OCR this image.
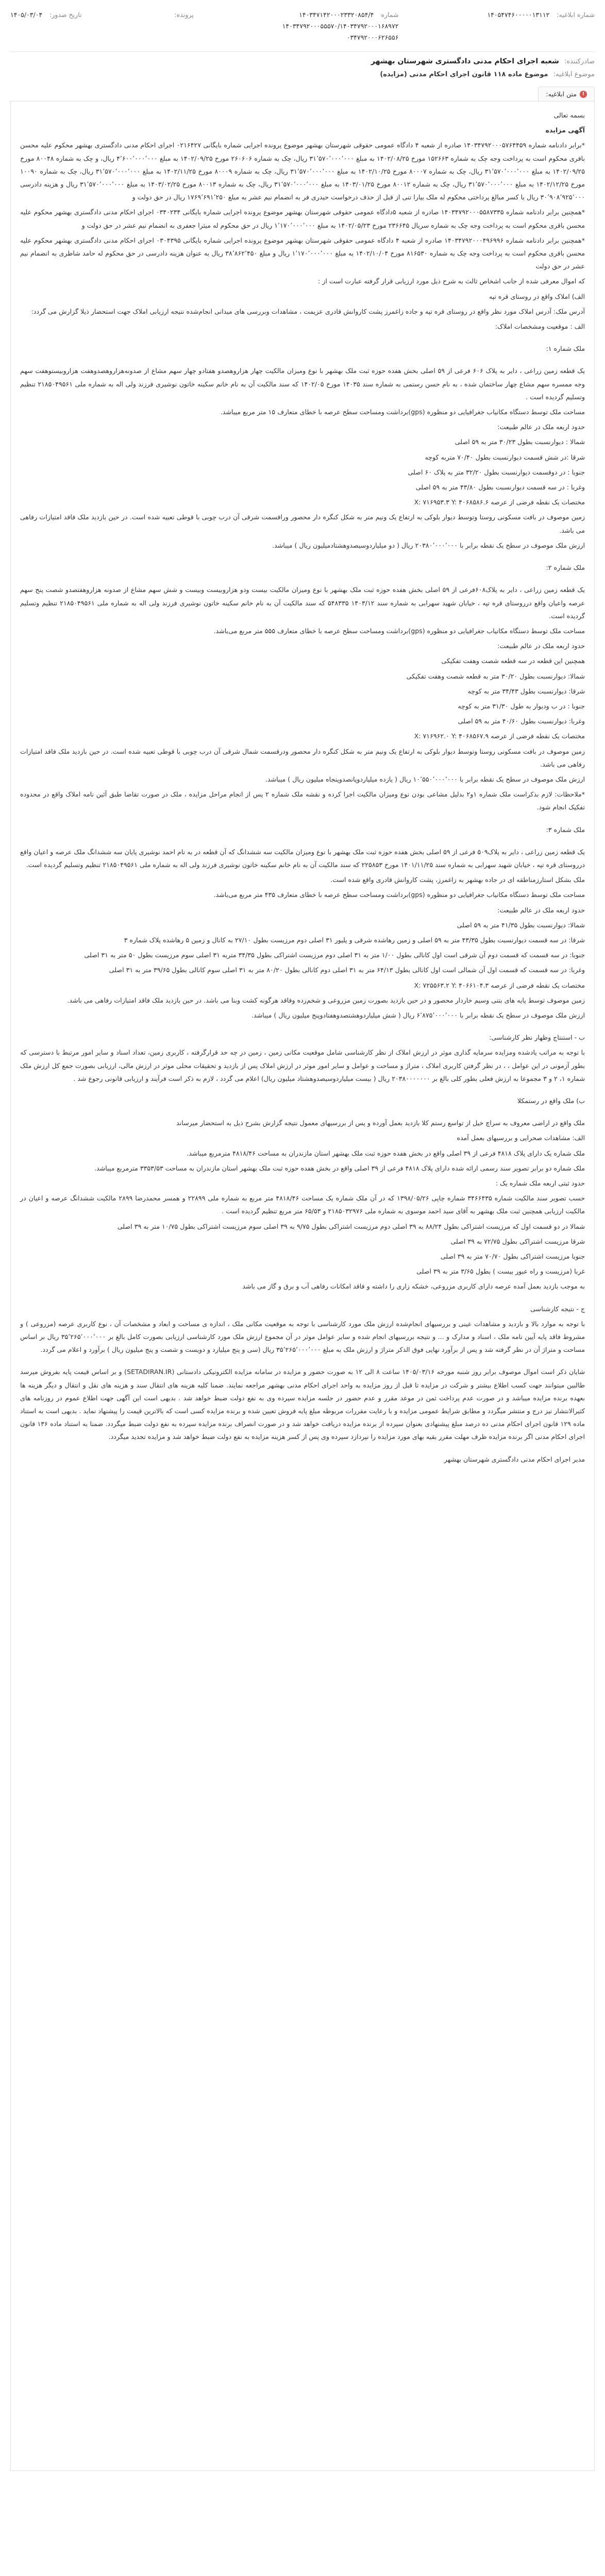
شماره ابلاغیه:
۱۴۰۵۴۷۴۶۰۰۰۰۰۱۳۱۱۲
شماره
۱۴۰۳۴۷۱۴۲۰۰۰۲۳۳۲۰۸۵۴/۴
۱۴۰۳۴۷۹۲۰۰۰۵۵۵۷۰/۱۴۰۳۴۷۹۲۰۰۰۱۶۸۹۷۲
۰۳۴۷۹۲۰۰۰۶۲۶۵۵۶
پرونده:
تاریخ صدور:
۱۴۰۵/۰۳/۰۴
صادرکننده:
شعبه اجرای احکام مدنی دادگستری شهرستان بهشهر
موضوع ابلاغیه:
موضوع ماده ۱۱۸ قانون اجرای احکام مدنی (مزایده)
!
متن ابلاغیه:

بسمه تعالی

آگهی مزایده

*برابر دادنامه شماره ۱۴۰۳۴۷۹۲۰۰۰۵۷۶۴۴۵۹ صادره از شعبه ۴ دادگاه عمومی حقوقی شهرستان بهشهر موضوع پرونده اجرایی شماره بایگانی ۰۲۱۶۴۲۷ اجرای احکام مدنی دادگستری بهشهر محکوم علیه محسن باقری محکوم است به پرداخت وجه چک به شماره ۱۵۲۶۶۳ مورخ ۱۴۰۲/۰۸/۲۵ به مبلغ ۳۱٬۵۷۰٬۰۰۰٬۰۰۰ ریال، چک به شماره ۲۶۰۶۰۶ مورخ ۱۴۰۲/۰۹/۲۵ به مبلغ ۴٬۶۰۰٬۰۰۰٬۰۰۰ ریال، و چک به شماره ۸۰۰۴۸ مورخ ۱۴۰۲/۰۹/۲۵ به مبلغ ۳۱٬۵۷۰٬۰۰۰٬۰۰۰ ریال، چک به شماره ۸۰۰۰۷ مورخ ۱۴۰۲/۱۰/۲۵ به مبلغ ۳۱٬۵۷۰٬۰۰۰٬۰۰۰ ریال، چک به شماره ۸۰۰۰۹ مورخ ۱۴۰۲/۱۱/۲۵ به مبلغ ۳۱٬۵۷۰٬۰۰۰٬۰۰۰ ریال، چک به شماره ۱۰۰۹۰ مورخ ۱۴۰۲/۱۲/۲۵ به مبلغ ۳۱٬۵۷۰٬۰۰۰٬۰۰۰ ریال، چک به شماره ۸۰۰۱۲ مورخ ۱۴۰۳/۰۱/۲۵ به مبلغ ۳۱٬۵۷۰٬۰۰۰٬۰۰۰ ریال، چک به شماره ۸۰۰۱۳ مورخ ۱۴۰۳/۰۲/۲۵ به مبلغ ۳۱٬۵۷۰٬۰۰۰٬۰۰۰ ریال و هزینه دادرسی ۳۰٬۹۰۸٬۹۲۵٬۰۰۰ ریال با کسر مبالغ پرداختی محکوم له ملک بیارا تنی از قبل از حذف درخواست حیدری فر به انضمام نیم عشر به مبلغ ۱۷۶۹٬۶۹۱٬۲۵۰ ریال در حق دولت و

*همچنین برابر دادنامه شماره ۱۴۰۳۴۷۹۲۰۰۰۵۵۸۷۳۳۵ صادره از شعبه ۵دادگاه عمومی حقوقی شهرستان بهشهر موضوع پرونده اجرایی شماره بایگانی ۰۳۴۰۲۳۴ اجرای احکام مدنی دادگستری بهشهر محکوم علیه محسن باقری محکوم است به پرداخت وجه چک به شماره سریال ۲۳۶۶۴۵ مورخ ۱۴۰۲/۰۵/۲۳ به مبلغ ۱٬۱۷۰٬۰۰۰٬۰۰۰ ریال در حق محکوم له میثرا جعفری به انضمام نیم عشر در حق دولت و

*همچنین برابر دادنامه شماره ۱۴۰۳۴۷۹۲۰۰۰۴۹۶۹۹۶ صادره از شعبه ۴ دادگاه عمومی حقوقی شهرستان بهشهر موضوع پرونده اجرایی شماره بایگانی ۰۳۰۴۳۹۵ اجرای احکام مدنی دادگستری بهشهر محکوم علیه محسن باقری محکوم است به پرداخت وجه چک به شماره ۸۱۶۵۳۰ مورخ ۱۴۰۲/۱۰/۰۴ به مبلغ ۱٬۱۷۰٬۰۰۰٬۰۰۰ ریال و مبلغ ۳۸٬۸۶۲٬۴۵۰ ریال به عنوان هزینه دادرسی در حق محکوم له حامد شاطری به انضمام نیم عشر در حق دولت

که اموال معرفی شده از جانب اشخاص ثالث به شرح ذیل مورد ارزیابی قرار گرفته عبارت است از :

الف) املاک واقع در روستای قره تپه

آدرس ملک: آدرس املاک مورد نظر واقع در روستای قره تپه و جاده زاغمرز پشت کاروانش قادری عزیمت ، مشاهدات وبررسی های میدانی انجام‌شده نتیجه ارزیابی املاک جهت استحضار ذیلا گزارش می گردد:

الف : موقعیت ومشخصات املاک:

ملک شماره ۱:

یک قطعه زمین زراعی ، دایر به پلاک ۶۰۶ فرعی از ۵۹ اصلی بخش هفده حوزه ثبت ملک بهشهر با نوع ومیزان مالکیت چهار هزاروهصدو هفتادو چهار سهم مشاع از صدونه‌هزاروهصدوهفت هزاروبیستوهفت سهم وجه ممسره سهم مشاع چهار ساختمان شده ، به نام حسن رستمی به شماره سند ۱۴۰۳۵ مورخ ۱۴۰۲/۰۵ که سند مالکیت آن به نام خانم سکینه خاتون نوشیری فرزند ولی اله به شماره ملی ۲۱۸۵۰۴۹۵۶۱ تنظیم وتسلیم گردیده است .

مساحت ملک توسط دستگاه مکانیاب جغرافیایی دو منظوره (gps)برداشت ومساحت سطح عرصه با خطای متعارف ۱۵ متر مربع میباشد.

حدود اربعه ملک در عالم طبیعت:

شمالا : دیوارنسبت بطول ۳۰/۲۳ متر به ۵۹ اصلی

شرقا :در شش قسمت دیوارنسبت بطول ۷۰/۴۰ متربه کوچه

جنوبا : در دوقسمت دیوارنسبت بطول ۳۲/۲۰ متر به پلاک ۶۰ اصلی

وغربا : در سه قسمت دیوارنسبت بطول ۴۳/۸۰ متر به ۵۹ اصلی

مختصات یک نقطه فرضی از عرصه X: ۷۱۶۹۵۳.۳ Y: ۴۰۶۸۵۸۶.۶

زمین موصوف در بافت مسکونی روستا وتوسط دیوار بلوکی به ارتفاع یک ونیم متر به شکل کنگره دار محصور وراقسمت شرقی آن درب چوبی با قوطی تعبیه شده است. در حین بازدید ملک فاقد امتیازات رفاهی می باشد.

ارزش ملک موصوف در سطح یک نقطه برابر با ۲۰۳۸۰٬۰۰۰٬۰۰۰ ریال ( دو میلیاردوسیصدوهشتادمیلیون ریال ) میباشد.

ملک شماره ۲:

یک قطعه زمین زراعی ، دایر به پلاک۶۰۸فرعی از ۵۹ اصلی بخش هفده حوزه ثبت ملک بهشهر با نوع ومیزان مالکیت بیست ودو هزاروبیست وبیست و شش سهم مشاع از صدونه هزاروهفتصدو شصت پنج سهم عرصه واعیان واقع درروستای قره تپه ، خیابان شهید سهرابی به شماره سند ۱۴۰۳/۱۲ ۵۴۸۳۳۵ که سند مالکیت آن به نام خانم سکینه خاتون نوشیری فرزند ولی اله به شماره ملی ۲۱۸۵۰۴۹۵۶۱ تنظیم وتسلیم گردیده است.

مساحت ملک توسط دستگاه مکانیاب جغرافیایی دو منظوره (gps)برداشت ومساحت سطح عرصه با خطای متعارف ۵۵۵ متر مربع می‌باشد.

حدود اربعه ملک در عالم طبیعت:

همچنین این قطعه در سه قطعه شصت وهفت تفکیکی

شمالا: دیوارنسبت بطول ۳۰/۲۰ متر به قطعه شصت وهفت تفکیکی

شرقا: دیوارنسبت بطول ۳۴/۴۳ متر به کوچه

جنوبا : در ب ودیوار به طول ۳۱/۳۰ متر به کوچه

وغربا: دیوارنسبت بطول ۴۰/۶۰ متر به ۵۹ اصلی

مختصات یک نقطه فرضی از عرصه X: ۷۱۶۹۶۲.۰ Y: ۴۰۶۸۵۶۷.۹

زمین موصوف در بافت مسکونی روستا وتوسط دیوار بلوکی به ارتفاع یک ونیم متر به شکل کنگره دار محصور ودرقسمت شمال شرقی آن درب چوبی با قوطی تعبیه شده است. در حین بازدید ملک فاقد امتیازات رفاهی می باشد.

ارزش ملک موصوف در سطح یک نقطه برابر با ۱۰٬۵۵۰٬۰۰۰٬۰۰۰ ریال ( یازده میلیاردوپانصدوپنجاه میلیون ریال ) میباشد.

*ملاحظات: لازم بذکراست ملک شماره ۱و۲ بدلیل مشاعی بودن نوع ومیزان مالکیت اجرا کرده و نقشه ملک شماره ۲ پس از انجام مراحل مزایده ، ملک در صورت تقاضا طبق آئین نامه املاک واقع در محدوده تفکیک انجام شود.

ملک شماره ۳:

یک قطعه زمین زراعی ، دایر به پلاک۵۰۹ فرعی از ۵۹ اصلی بخش هفده حوزه ثبت ملک بهشهر با نوع ومیزان مالکیت سه ششدانگ که آن قطعه در به نام احمد نوشیری پایان سه ششدانگ ملک عرصه و اعیان واقع درروستای قره تپه ، خیابان شهید سهرابی به شماره سند ۱۴۰۱/۱۱/۲۵ مورخ ۲۲۵۸۵۳ که سند مالکیت آن به نام خانم سکینه خاتون نوشیری فرزند ولی اله به شماره ملی ۲۱۸۵۰۴۹۵۶۱ تنظیم وتسلیم گردیده است.

ملک بشکل استارزمناطقه ای در جاده بهشهر به زاغمرز، پشت کاروانش قادری واقع شده است.

مساحت ملک توسط دستگاه مکانیاب جغرافیایی دو منظوره (gps)برداشت ومساحت سطح عرصه با خطای متعارف ۴۳۵ متر مربع می‌باشد.

حدود اربعه ملک در عالم طبیعت:

شمالا: دیوارنسبت بطول ۴۱/۳۵ متر به ۵۹ اصلی

شرقا: در سه قسمت دیوارنسبت بطول ۴۳/۳۵ متر به ۵۹ اصلی و زمین رهاشده شرقی و پلیور ۳۱ اصلی دوم مرزیست بطول ۲۷/۱۰ به کانال و زمین ۵ رهاشده پلاک شماره ۳

جنوبا: در سه قسمت که قسمت دوم آن شرقی است اول کانالی بطول ۱/۰۰ متر به ۳۱ اصلی دوم مرزیست اشتراکی بطول ۳۴/۳۵ متربه ۳۱ اصلی سوم مرزیست بطول ۵۰ متر به ۳۱ اصلی

وغربا: در سه قسمت که قسمت اول آن شمالی است اول کانالی بطول ۶۴/۱۳ متر به ۳۱ اصلی دوم کانالی بطول ۸۰/۲۰ متر به ۳۱ اصلی سوم کانالی بطول ۳۹/۶۵ متر به ۳۱ اصلی

مختصات یک نقطه فرضی از عرصه X: ۷۲۵۵۶۳.۲ Y: ۴۰۶۶۱۰۴.۳

زمین موصوف توسط پایه های بتنی وسیم خاردار محصور و در حین بازدید بصورت زمین مزروعی و شخم‌زده وفاقد هرگونه کشت وبنا می باشد. در حین بازدید ملک فاقد امتیازات رفاهی می باشد.

ارزش ملک موصوف در سطح یک نقطه برابر با ۶٬۸۷۵٬۰۰۰٬۰۰۰ ریال ( شش میلیاردوهشتصدوهفتادوپنج میلیون ریال ) میباشد.

ب - استنتاج وظهار نظر کارشناسی:

با توجه به مراتب یادشده ومزایده سرمایه گذاری موثر در ارزش املاک از نظر کارشناسی شامل موقعیت مکانی زمین ، زمین در چه حد قرارگرفته ، کاربری زمین، تعداد اسناد و سایر امور مرتبط با دسترسی که بطور آزمونی در این عوامل ، ، در نظر گرفتن کاربری املاک ، متراژ و مساحت و عوامل و سایر امور موثر در ارزش املاک پس از بازدید و تحقیقات محلی موثر در ارزش مالی، ارزیابی بصورت جمع کل ارزش ملک شماره ۱، ۲ و ۳ مجموعا به ارزش فعلی بطور کلی بالغ بر ۲۰۳۸۰۰۰۰۰۰۰ ریال ( بیست میلیاردوسیصدوهشتاد میلیون ریال) اعلام می گردد ، لازم به ذکر است فرآیند و ارزیابی قانونی رجوع شد .

ب) ملک واقع در رستمکلا

ملک واقع در اراضی معروف به سراچ خیل از تواسع رستم کلا بازدید بعمل آورده و پس از بررسیهای معمول نتیجه گزارش بشرح ذیل به استحضار میرساند

الف: مشاهدات صحرایی و بررسیهای بعمل آمده

ملک شماره یک دارای پلاک ۴۸۱۸ فرعی از ۳۹ اصلی واقع در بخش هفده حوزه ثبت ملک بهشهر استان مازندران به مساحت ۴۸۱۸/۴۶ مترمربع میباشد.

ملک شماره دو برابر تصویر سند رسمی ارائه شده دارای پلاک ۴۸۱۸ فرعی از ۳۹ اصلی واقع در بخش هفده حوزه ثبت ملک بهشهر استان مازندران به مساحت ۳۳۵۳/۵۳ مترمربع میباشد.

حدود ثبتی اربعه ملک شماره یک :

حسب تصویر سند مالکیت شماره ۳۴۶۶۴۳۵ شماره چاپی ۱۳۹۸/۰۵/۲۶ که در آن ملک شماره یک مساحت ۴۸۱۸/۴۶ متر مربع به شماره ملی ۲۲۸۹۹ و همسر محمدرضا ۲۸۹۹ مالکیت ششدانگ عرصه و اعیان در مالکیت ارزیابی همچنین ثبت ملک بهشهر به آقای سید احمد موسوی به شماره ملی ۲۱۸۵۰۳۲۹۷۶ و ۶۵/۵۳ متر مربع تنظیم گردیده است .

شمالا در دو قسمت اول که مرزیست اشتراکی بطول ۸۸/۲۴ به ۳۹ اصلی دوم مرزیست اشتراکی بطول ۹/۷۵ به ۳۹ اصلی سوم مرزیست اشتراکی بطول ۱۰/۷۵ متر به ۳۹ اصلی

شرقا مرزیست اشتراکی بطول ۷۲/۷۵ به ۳۹ اصلی

جنوبا مرزیست اشتراکی بطول ۷۰/۷۰ متر به ۳۹ اصلی

غربا (مرزیست و راه عبور بیست ) بطول ۳/۶۵ متر به ۳۹ اصلی

به موجب بازدید بعمل آمده عرصه دارای کاربری مزروعی، خشکه زاری را داشته و فاقد امکانات رفاهی آب و برق و گاز می باشد

ج - نتیجه کارشناسی

با توجه به موارد بالا و بازدید و مشاهدات عینی و بررسیهای انجام‌شده ارزش ملک مورد کارشناسی با توجه به موقعیت مکانی ملک ، اندازه ی مساحت و ابعاد و مشخصات آن ، نوع کاربری عرصه (مزروعی ) و مشروط فاقد پایه آیین نامه ملک ، اسناد و مدارک و ... و نتیجه بررسیهای انجام شده و سایر عوامل موثر در آن مجموع ارزش ملک مورد کارشناسی ارزیابی بصورت کامل بالغ بر ۳۵٬۲۶۵٬۰۰۰٬۰۰۰ ریال بر اساس مساحت و متراژ آن در نظر گرفته شد و پس از برآورد نهایی فوق الذکر متراژ و ارزش ملک به مبلغ ۳۵٬۲۶۵٬۰۰۰٬۰۰۰ ریال (سی و پنج میلیارد و دویست و شصت و پنج میلیون ریال ) برآورد و اعلام می گردد.

شایان ذکر است اموال موصوف برابر روز شنبه مورخه ۱۴۰۵/۰۳/۱۶ ساعت ۸ الی ۱۲ به صورت حضور و مزایده در سامانه مزایده الکترونیکی دادستانی (SETADIRAN.IR) و بر اساس قیمت پایه بفروش میرسد طالبین میتوانند جهت کسب اطلاع بیشتر و شرکت در مزایده تا قبل از روز مزایده به واحد اجرای احکام مدنی بهشهر مراجعه نمایند. ضمنا کلیه هزینه های انتقال سند و هزینه های نقل و انتقال و دیگر هزینه ها بعهده برنده مزایده میباشد و در صورت عدم پرداخت ثمن در موعد مقرر و عدم حضور در جلسه مزایده سپرده وی به نفع دولت ضبط خواهد شد . بدیهی است این آگهی جهت اطلاع عموم در روزنامه های کثیرالانتشار نیز درج و منتشر میگردد و مطابق شرایط عمومی مزایده و با رعایت مقررات مربوطه مبلغ پایه فروش تعیین شده و برنده مزایده کسی است که بالاترین قیمت را پیشنهاد نماید . بدیهی است به استناد ماده ۱۲۹ قانون اجرای احکام مدنی ده درصد مبلغ پیشنهادی بعنوان سپرده از برنده مزایده دریافت خواهد شد و در صورت انصراف برنده مزایده سپرده به نفع دولت ضبط میگردد. ضمنا به استناد ماده ۱۳۶ قانون اجرای احکام مدنی اگر برنده مزایده ظرف مهلت مقرر بقیه بهای مورد مزایده را نپردازد سپرده وی پس از کسر هزینه مزایده به نفع دولت ضبط خواهد شد و مزایده تجدید میگردد.

مدیر اجرای احکام مدنی دادگستری شهرستان بهشهر
